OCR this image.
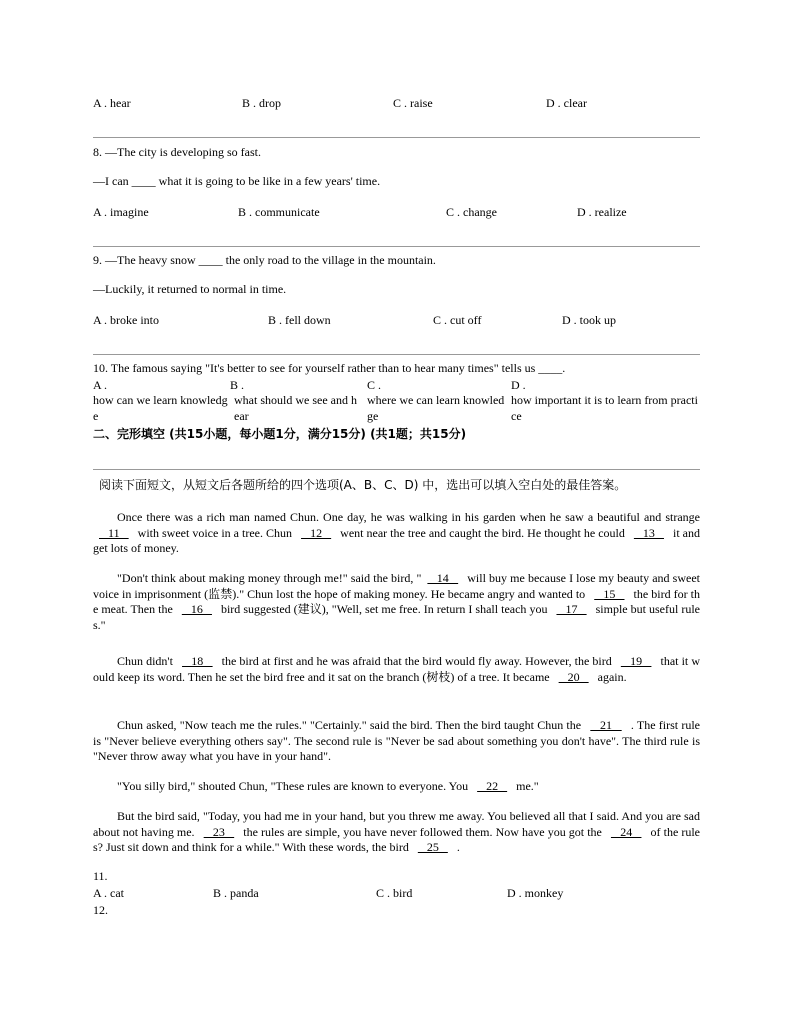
A . hear	B . drop	C . raise	D . clear
8. —The city is developing so fast.
—I can ____ what it is going to be like in a few years' time.
A . imagine	B . communicate	C . change	D . realize
9. —The heavy snow ____ the only road to the village in the mountain.
—Luckily, it returned to normal in time.
A . broke into	B . fell down	C . cut off	D . took up
10. The famous saying "It's better to see for yourself rather than to hear many times" tells us ____.
A .	B .	C .	D .
how can we learn knowledge
what should we see and hear
where we can learn knowledge
how important it is to learn from practice
二、完形填空 (共15小题，每小题1分，满分15分) (共1题；共15分)
阅读下面短文，从短文后各题所给的四个选项(A、B、C、D) 中，选出可以填入空白处的最佳答案。

Once there was a rich man named Chun. One day, he was walking in his garden when he saw a beautiful and strange    11    with sweet voice in a tree. Chun    12    went near the tree and caught the bird. He thought he could    13    it and get lots of money.

"Don't think about making money through me!" said the bird, "   14    will buy me because I lose my beauty and sweet voice in imprisonment (监禁)." Chun lost the hope of making money. He became angry and wanted to    15    the bird for the meat. Then the    16    bird suggested (建议), "Well, set me free. In return I shall teach you    17    simple but useful rules."

Chun didn't    18    the bird at first and he was afraid that the bird would fly away. However, the bird    19    that it would keep its word. Then he set the bird free and it sat on the branch (树枝) of a tree. It became    20    again.

Chun asked, "Now teach me the rules." "Certainly." said the bird. Then the bird taught Chun the    21    . The first rule is "Never believe everything others say". The second rule is "Never be sad about something you don't have". The third rule is "Never throw away what you have in your hand".

"You silly bird," shouted Chun, "These rules are known to everyone. You    22    me."

But the bird said, "Today, you had me in your hand, but you threw me away. You believed all that I said. And you are sad about not having me.    23    the rules are simple, you have never followed them. Now have you got the    24    of the rules? Just sit down and think for a while." With these words, the bird    25    .

11.
A . cat	B . panda	C . bird	D . monkey
12.
